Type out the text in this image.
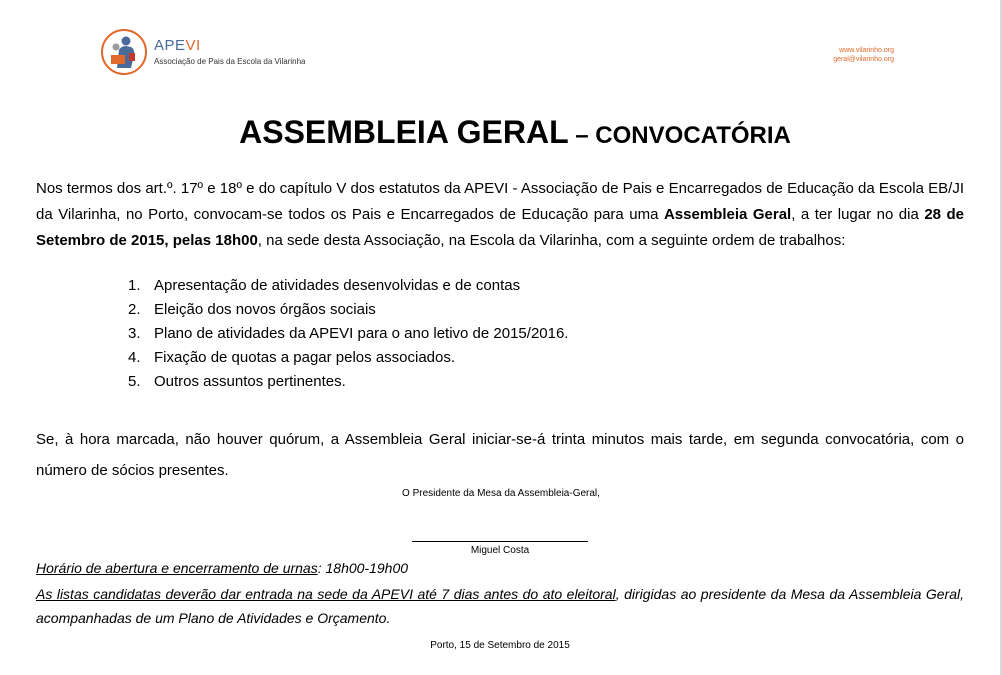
APEVI
Associação de Pais da Escola da Vilarinha
www.vilarinho.org
geral@vilarinho.org
ASSEMBLEIA GERAL – CONVOCATÓRIA
Nos termos dos art.º. 17º e 18º e do capítulo V dos estatutos da APEVI - Associação de Pais e Encarregados de Educação da Escola EB/JI da Vilarinha, no Porto, convocam-se todos os Pais e Encarregados de Educação para uma Assembleia Geral, a ter lugar no dia 28 de Setembro de 2015, pelas 18h00, na sede desta Associação, na Escola da Vilarinha, com a seguinte ordem de trabalhos:
1. Apresentação de atividades desenvolvidas e de contas
2. Eleição dos novos órgãos sociais
3. Plano de atividades da APEVI para o ano letivo de 2015/2016.
4. Fixação de quotas a pagar pelos associados.
5. Outros assuntos pertinentes.
Se, à hora marcada, não houver quórum, a Assembleia Geral iniciar-se-á trinta minutos mais tarde, em segunda convocatória, com o número de sócios presentes.
O Presidente da Mesa da Assembleia-Geral,
Miguel Costa
Horário de abertura e encerramento de urnas: 18h00-19h00
As listas candidatas deverão dar entrada na sede da APEVI até 7 dias antes do ato eleitoral, dirigidas ao presidente da Mesa da Assembleia Geral, acompanhadas de um Plano de Atividades e Orçamento.
Porto, 15 de Setembro de 2015
